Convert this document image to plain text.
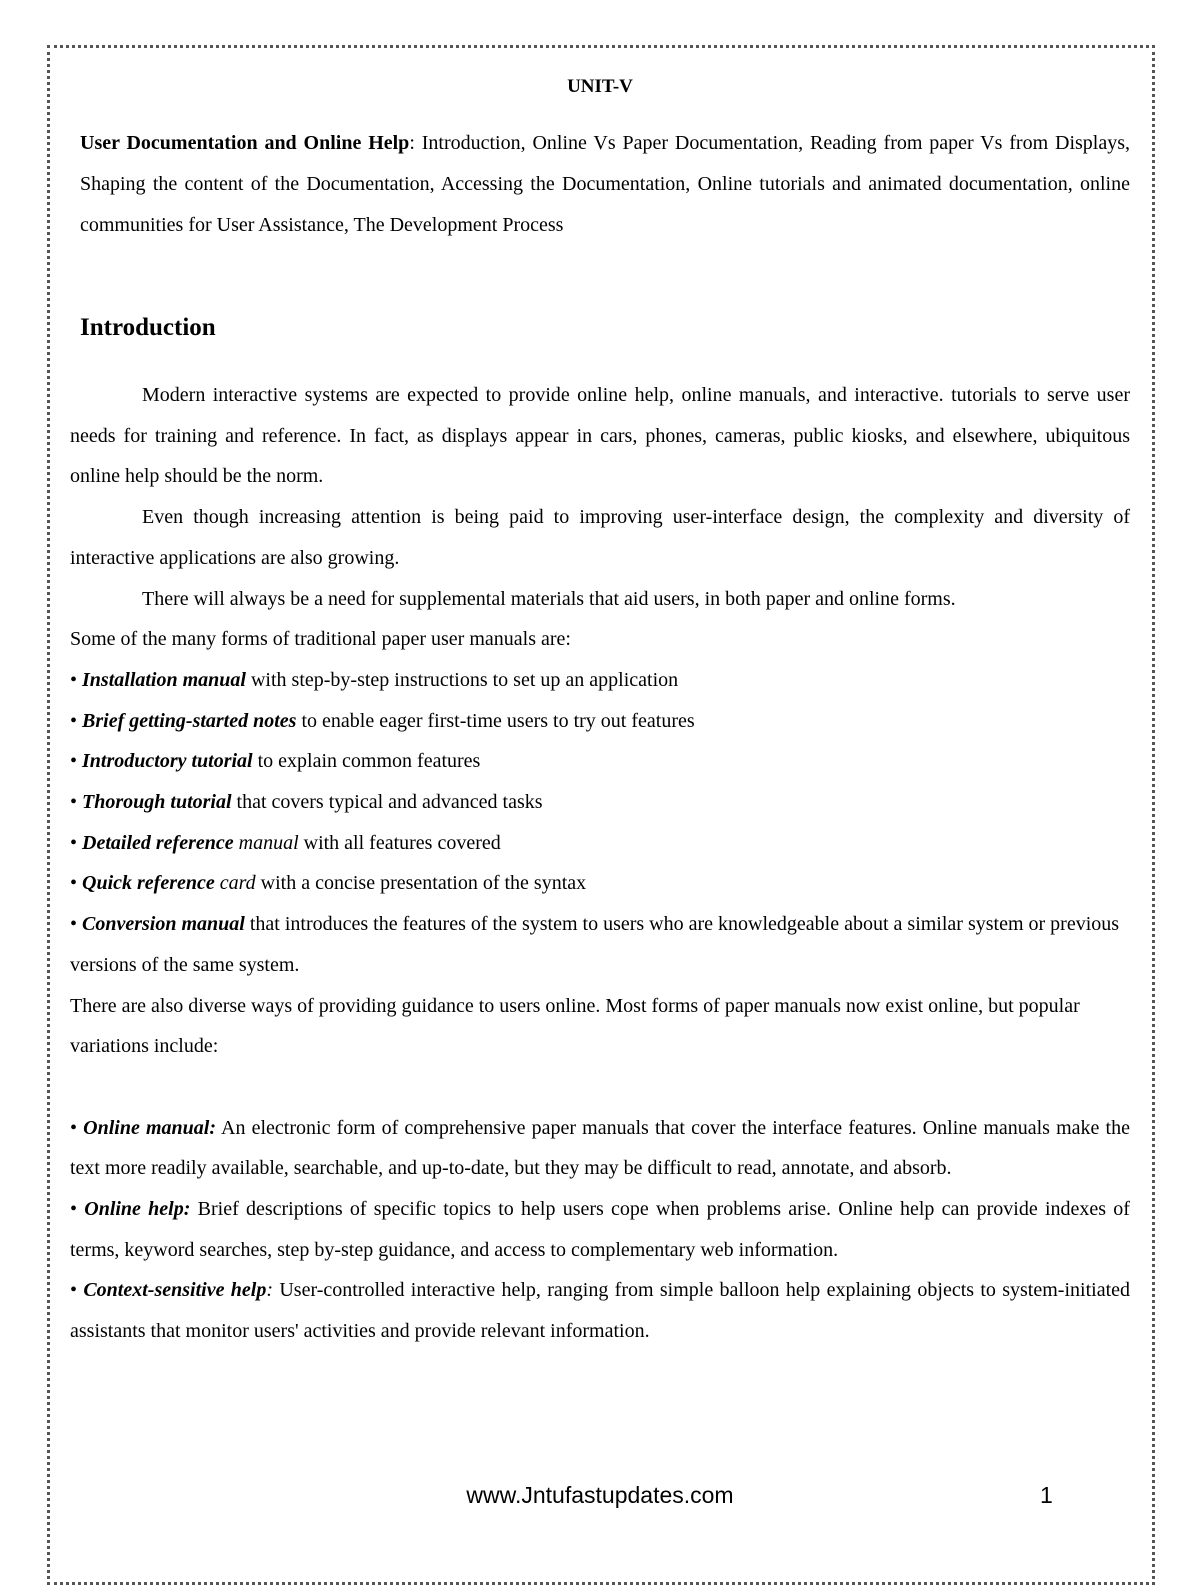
UNIT-V
User Documentation and Online Help: Introduction, Online Vs Paper Documentation, Reading from paper Vs from Displays, Shaping the content of the Documentation, Accessing the Documentation, Online tutorials and animated documentation, online communities for User Assistance, The Development Process
Introduction

Modern interactive systems are expected to provide online help, online manuals, and interactive. tutorials to serve user needs for training and reference. In fact, as displays appear in cars, phones, cameras, public kiosks, and elsewhere, ubiquitous online help should be the norm.

Even though increasing attention is being paid to improving user-interface design, the complexity and diversity of interactive applications are also growing.

There will always be a need for supplemental materials that aid users, in both paper and online forms.

Some of the many forms of traditional paper user manuals are:

• Installation manual with step-by-step instructions to set up an application

• Brief getting-started notes to enable eager first-time users to try out features

• Introductory tutorial to explain common features

• Thorough tutorial that covers typical and advanced tasks

• Detailed reference manual with all features covered

• Quick reference card with a concise presentation of the syntax

• Conversion manual that introduces the features of the system to users who are knowledgeable about a similar system or previous versions of the same system.

There are also diverse ways of providing guidance to users online. Most forms of paper manuals now exist online, but popular variations include:

• Online manual: An electronic form of comprehensive paper manuals that cover the interface features. Online manuals make the text more readily available, searchable, and up-to-date, but they may be difficult to read, annotate, and absorb.

• Online help: Brief descriptions of specific topics to help users cope when problems arise. Online help can provide indexes of terms, keyword searches, step by-step guidance, and access to complementary web information.

• Context-sensitive help: User-controlled interactive help, ranging from simple balloon help explaining objects to system-initiated assistants that monitor users' activities and provide relevant information.

www.Jntufastupdates.com	1
